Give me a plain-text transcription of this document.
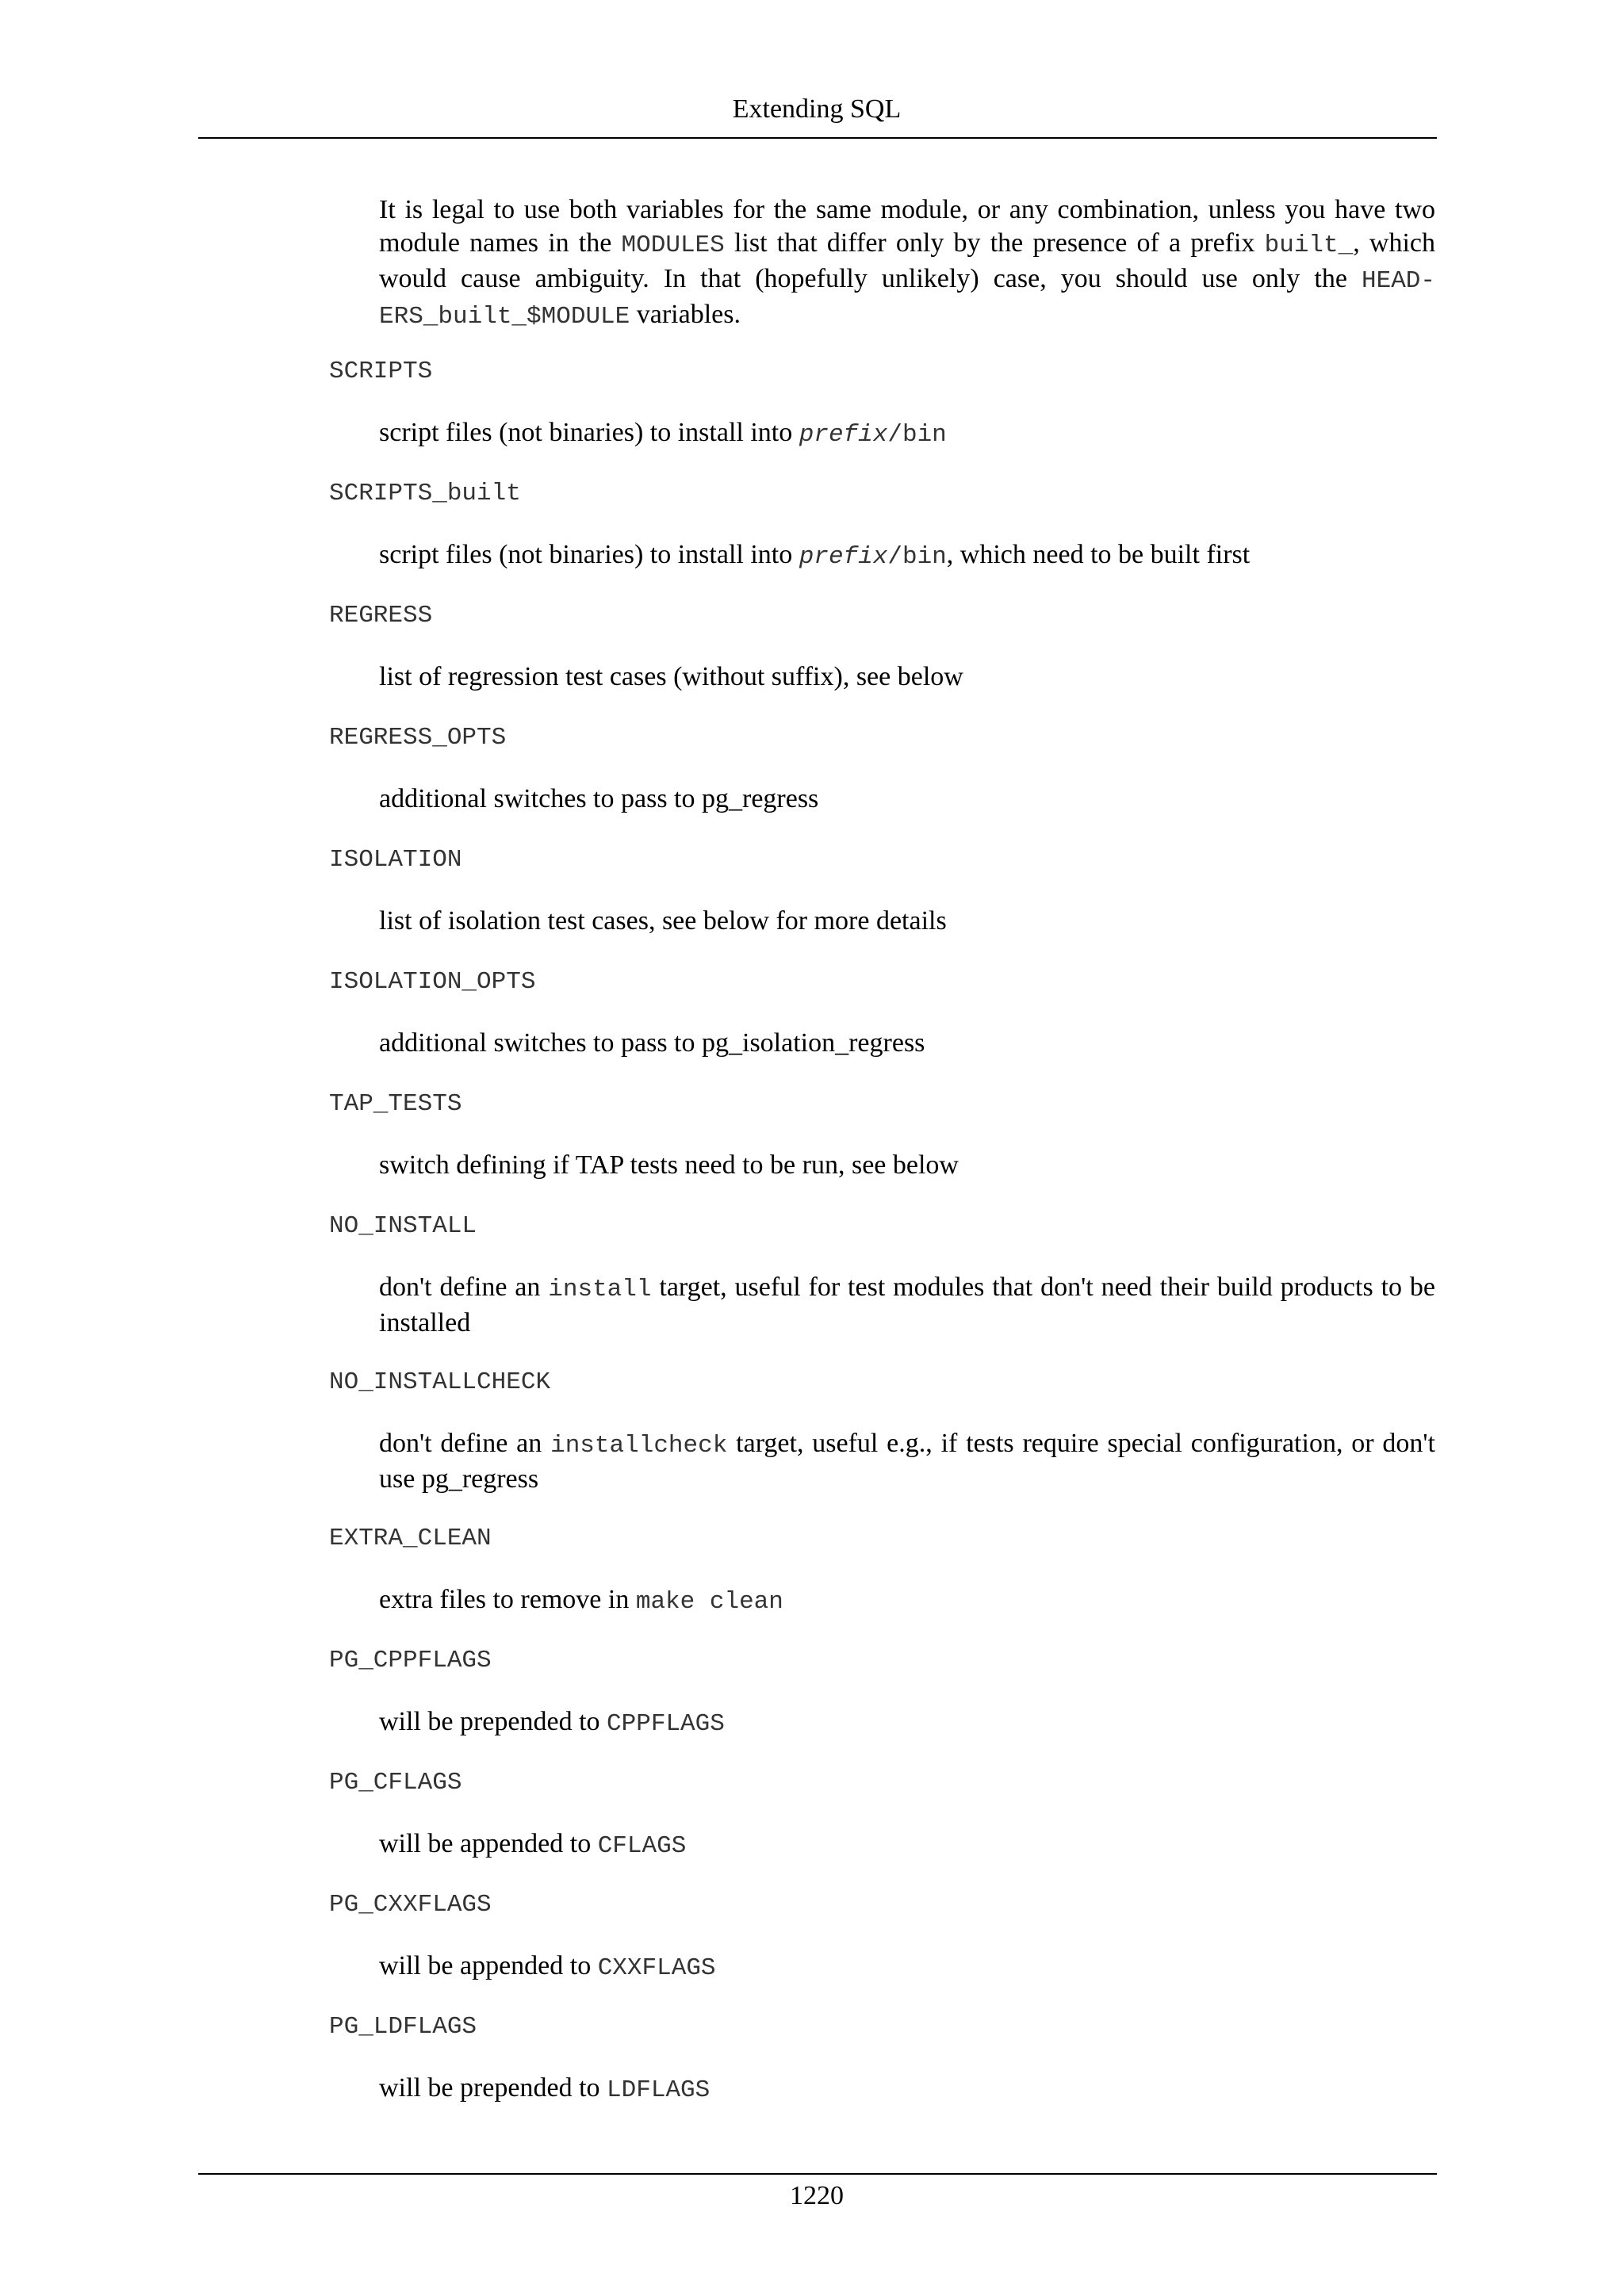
Extending SQL

It is legal to use both variables for the same module, or any combination, unless you have two module names in the MODULES list that differ only by the presence of a prefix built_, which would cause ambiguity. In that (hopefully unlikely) case, you should use only the HEAD-ERS_built_$MODULE variables.

SCRIPTS

script files (not binaries) to install into prefix/bin

SCRIPTS_built

script files (not binaries) to install into prefix/bin, which need to be built first

REGRESS

list of regression test cases (without suffix), see below

REGRESS_OPTS

additional switches to pass to pg_regress

ISOLATION

list of isolation test cases, see below for more details

ISOLATION_OPTS

additional switches to pass to pg_isolation_regress

TAP_TESTS

switch defining if TAP tests need to be run, see below

NO_INSTALL

don't define an install target, useful for test modules that don't need their build products to be installed

NO_INSTALLCHECK

don't define an installcheck target, useful e.g., if tests require special configuration, or don't use pg_regress

EXTRA_CLEAN

extra files to remove in make clean

PG_CPPFLAGS

will be prepended to CPPFLAGS

PG_CFLAGS

will be appended to CFLAGS

PG_CXXFLAGS

will be appended to CXXFLAGS

PG_LDFLAGS

will be prepended to LDFLAGS

1220
